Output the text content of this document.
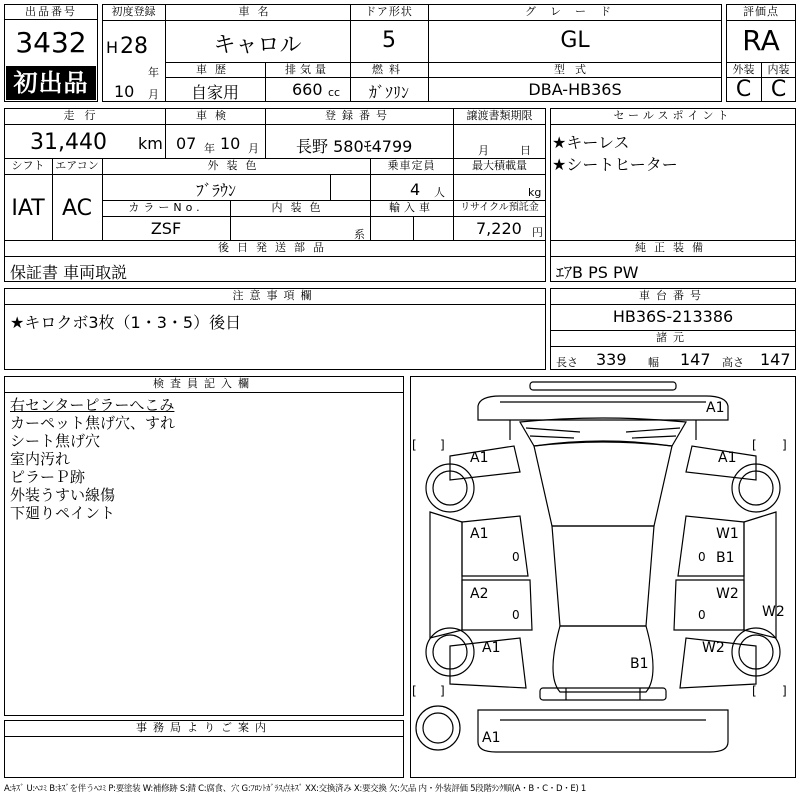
出品番号
3432
初出品
初度登録
H 28
年
10 月
車名
キャロル
ドア形状
5
グレード
GL
車歴
自家用
排気量
660 cc
燃料
ｶﾞｿﾘﾝ
型式
DBA-HB36S
評価点
RA
外装	内装
C C
走行
31,440 km
車検
07 年 10 月
登録番号
長野 580ﾓ4799
譲渡書類期限
月	日
シフト
IAT
エアコン
AC
外装色
ﾌﾞﾗｳﾝ
乗車定員
4 人
最大積載量
kg
カラーNo.
ZSF
内装色
系
輸入車	リサイクル預託金
7,220 円
後日発送部品
保証書 車両取説
セールスポイント
★キーレス
★シートヒーター
純正装備
ｴｱB PS PW
注意事項欄
★キロクボ3枚（1・3・5）後日
車台番号
HB36S-213386
諸元
長さ 339 幅 147 高さ 147
検査員記入欄
右センターピラーへこみ
カーペット焦げ穴、すれ
シート焦げ穴
室内汚れ
ピラーＰ跡
外装うすい線傷
下廻りペイント
事務局よりご案内
[ ]	[ ]
[ ]	[ ]
A1
A1	A1
A1
0
W1
0 B1
A2
0
W2
0	W2
A1	W2
B1
A1
A:ｷｽﾞ U:ﾍｺﾐ B:ｷｽﾞを伴うﾍｺﾐ P:要塗装 W:補修跡 S:錆 C:腐食、穴 G:ﾌﾛﾝﾄｶﾞﾗｽ点ｷｽﾞ XX:交換済み X:要交換 欠:欠品 内・外装評価 5段階ﾗﾝｸ順(A・B・C・D・E) 1
